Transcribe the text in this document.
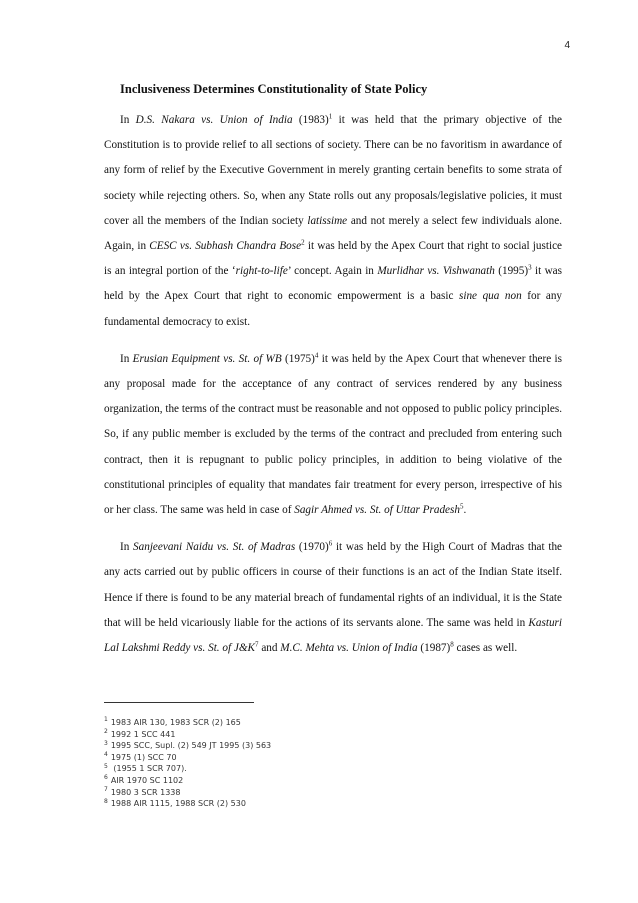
4
Inclusiveness Determines Constitutionality of State Policy

In D.S. Nakara vs. Union of India $(1983)^1$ it was held that the primary objective of the Constitution is to provide relief to all sections of society. There can be no favoritism in awardance of any form of relief by the Executive Government in merely granting certain benefits to some strata of society while rejecting others. So, when any State rolls out any proposals/legislative policies, it must cover all the members of the Indian society latissime and not merely a select few individuals alone. Again, in CESC vs. Subhash Chandra Bose$^2$ it was held by the Apex Court that right to social justice is an integral portion of the ‘right-to-life’ concept. Again in Murlidhar vs. Vishwanath $(1995)^3$ it was held by the Apex Court that right to economic empowerment is a basic sine qua non for any fundamental democracy to exist.

In Erusian Equipment vs. St. of WB $(1975)^4$ it was held by the Apex Court that whenever there is any proposal made for the acceptance of any contract of services rendered by any business organization, the terms of the contract must be reasonable and not opposed to public policy principles. So, if any public member is excluded by the terms of the contract and precluded from entering such contract, then it is repugnant to public policy principles, in addition to being violative of the constitutional principles of equality that mandates fair treatment for every person, irrespective of his or her class. The same was held in case of Sagir Ahmed vs. St. of Uttar Pradesh$^5$.

In Sanjeevani Naidu vs. St. of Madras $(1970)^6$ it was held by the High Court of Madras that the any acts carried out by public officers in course of their functions is an act of the Indian State itself. Hence if there is found to be any material breach of fundamental rights of an individual, it is the State that will be held vicariously liable for the actions of its servants alone. The same was held in Kasturi Lal Lakshmi Reddy vs. St. of $J\&K^7$ and M.C. Mehta vs. Union of India $(1987)^8$ cases as well.

$^1$ 1983 AIR 130, 1983 SCR (2) 165
$^2$ 1992 1 SCC 441
$^3$ 1995 SCC, Supl. (2) 549 JT 1995 (3) 563
$^4$ 1975 (1) SCC 70
$^5$ (1955 1 SCR 707).
$^6$ AIR 1970 SC 1102
$^7$ 1980 3 SCR 1338
$^8$ 1988 AIR 1115, 1988 SCR (2) 530
